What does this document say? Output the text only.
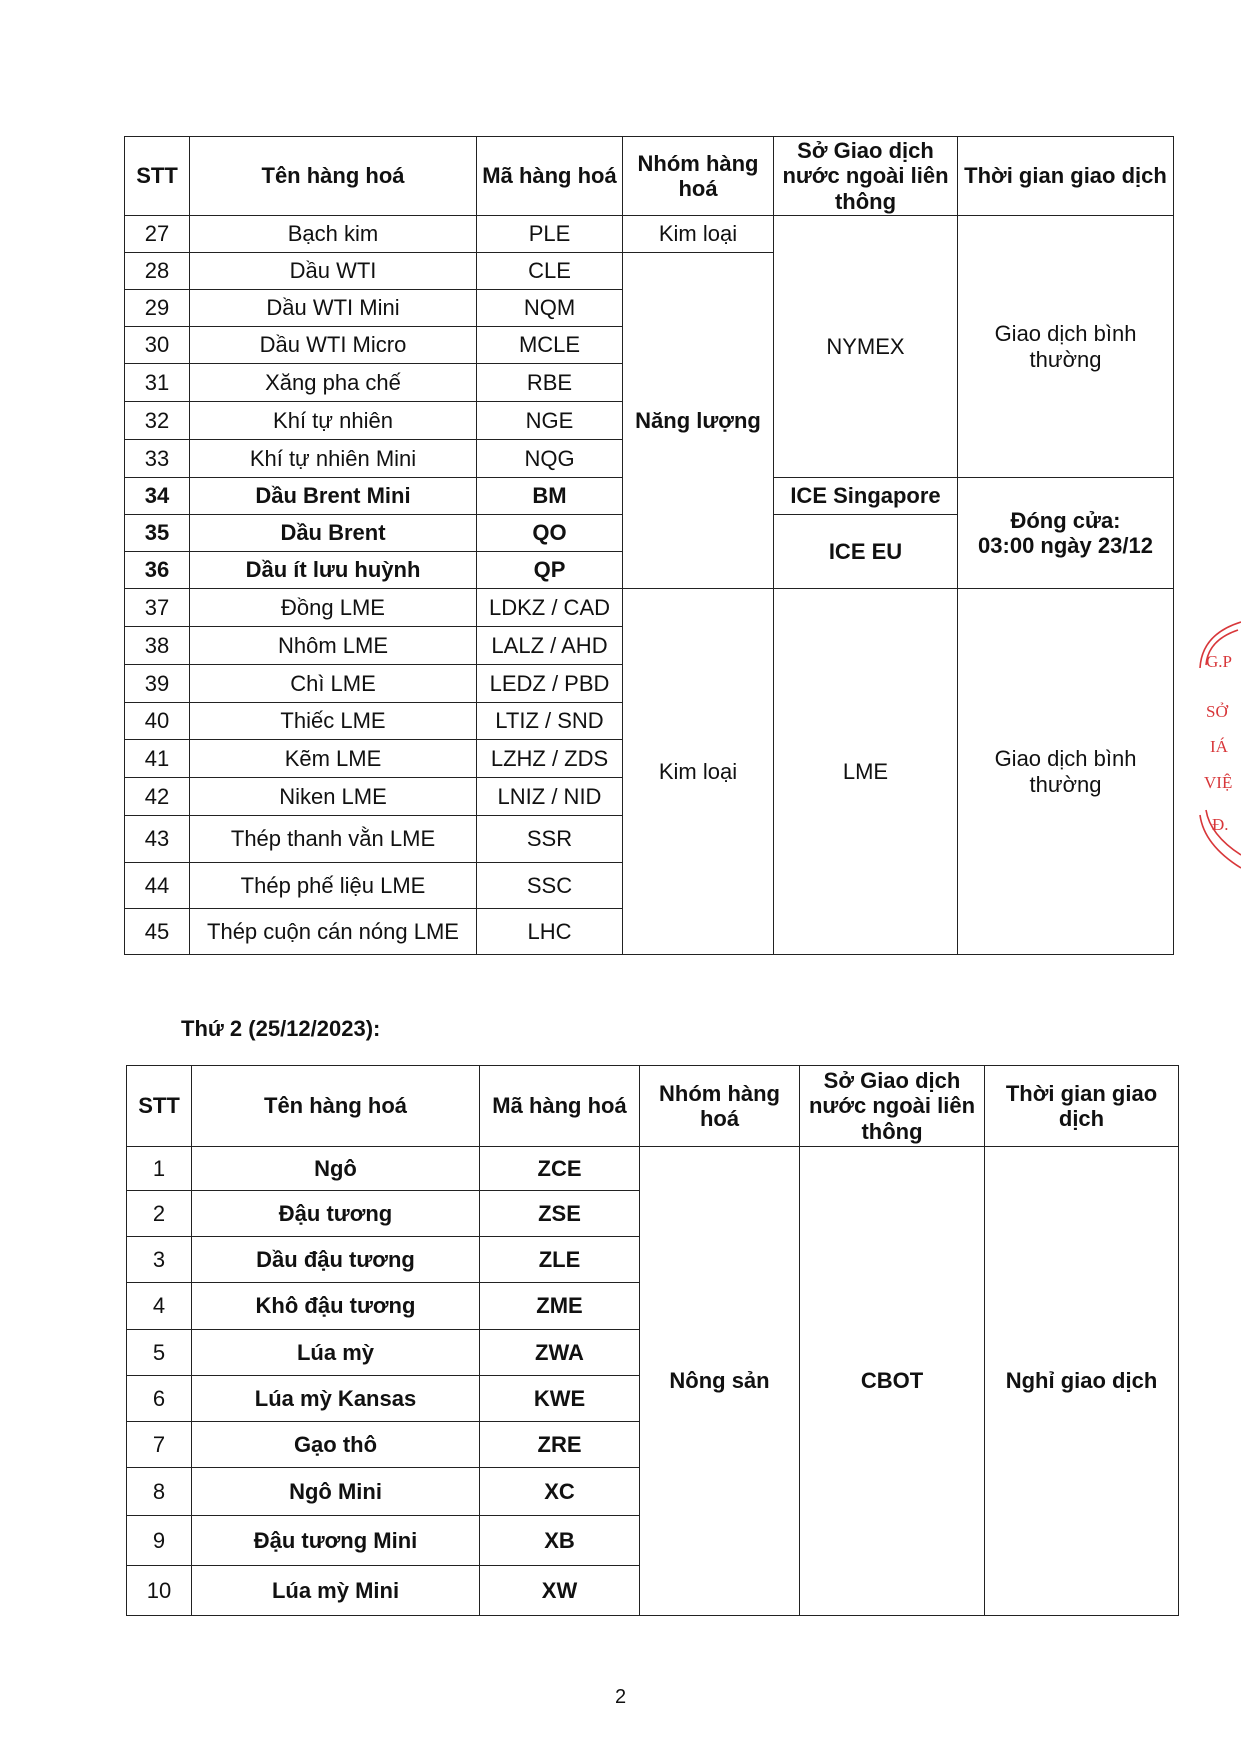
STT	Tên hàng hoá	Mã hàng hoá	Nhóm hàng hoá	Sở Giao dịch nước ngoài liên thông	Thời gian giao dịch
27	Bạch kim	PLE	Kim loại	NYMEX	Giao dịch bình thường
28	Dầu WTI	CLE	Năng lượng		
29	Dầu WTI Mini	NQM			
30	Dầu WTI Micro	MCLE			
31	Xăng pha chế	RBE			
32	Khí tự nhiên	NGE			
33	Khí tự nhiên Mini	NQG			
34	Dầu Brent Mini	BM		ICE Singapore	Đóng cửa:
03:00 ngày 23/12
35	Dầu Brent	QO		ICE EU	
36	Dầu ít lưu huỳnh	QP			
37	Đồng LME	LDKZ / CAD	Kim loại	LME	Giao dịch bình thường
38	Nhôm LME	LALZ / AHD			
39	Chì LME	LEDZ / PBD			
40	Thiếc LME	LTIZ / SND			
41	Kẽm LME	LZHZ / ZDS			
42	Niken LME	LNIZ / NID			
43	Thép thanh vằn LME	SSR			
44	Thép phế liệu LME	SSC			
45	Thép cuộn cán nóng LME	LHC			
Thứ 2 (25/12/2023):
STT	Tên hàng hoá	Mã hàng hoá	Nhóm hàng hoá	Sở Giao dịch nước ngoài liên thông	Thời gian giao dịch
1	Ngô	ZCE	Nông sản	CBOT	Nghỉ giao dịch
2	Đậu tương	ZSE			
3	Dầu đậu tương	ZLE			
4	Khô đậu tương	ZME			
5	Lúa mỳ	ZWA			
6	Lúa mỳ Kansas	KWE			
7	Gạo thô	ZRE			
8	Ngô Mini	XC			
9	Đậu tương Mini	XB			
10	Lúa mỳ Mini	XW			
2
G.P
SỞ
IÁ
VIỆ
Đ.
